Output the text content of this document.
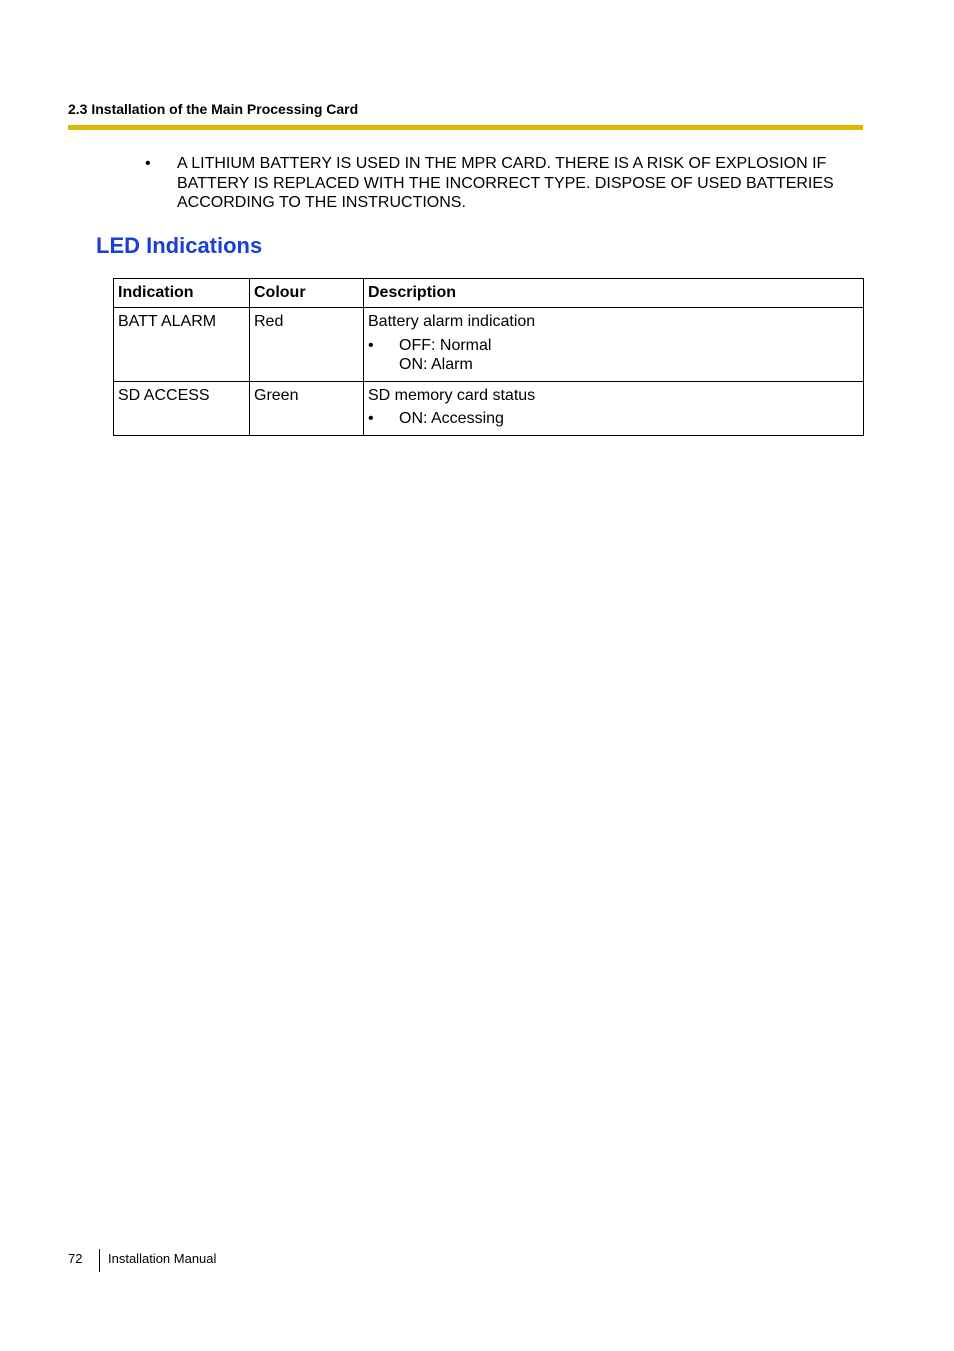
2.3 Installation of the Main Processing Card
• A LITHIUM BATTERY IS USED IN THE MPR CARD. THERE IS A RISK OF EXPLOSION IF BATTERY IS REPLACED WITH THE INCORRECT TYPE. DISPOSE OF USED BATTERIES ACCORDING TO THE INSTRUCTIONS.
LED Indications
Indication	Colour	Description
BATT ALARM	Red	Battery alarm indication
• OFF: Normal
ON: Alarm

SD ACCESS	Green	SD memory card status
• ON: Accessing
72 Installation Manual
